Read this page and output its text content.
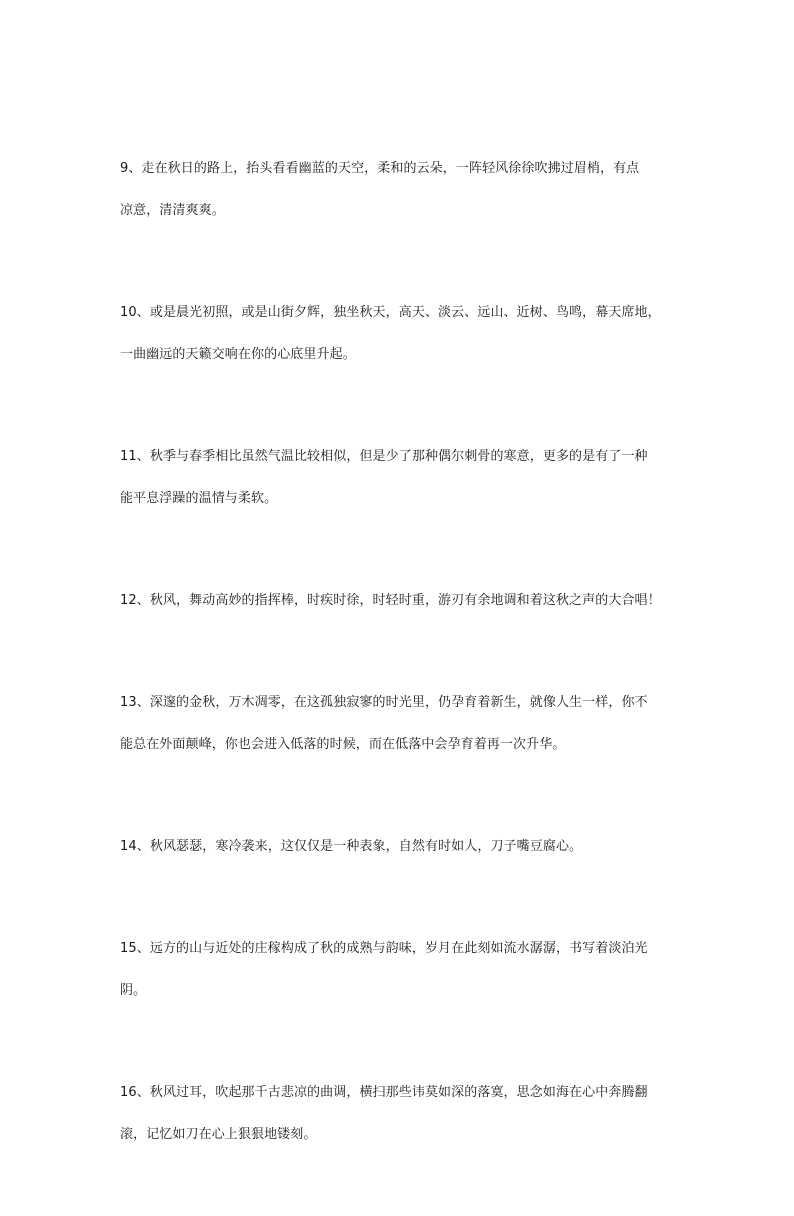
9、走在秋日的路上，抬头看看幽蓝的天空，柔和的云朵，一阵轻风徐徐吹拂过眉梢，有点
凉意，清清爽爽。

10、或是晨光初照，或是山街夕辉，独坐秋天，高天、淡云、远山、近树、鸟鸣，幕天席地，
一曲幽远的天籁交响在你的心底里升起。

11、秋季与春季相比虽然气温比较相似，但是少了那种偶尔刺骨的寒意，更多的是有了一种
能平息浮躁的温情与柔软。

12、秋风，舞动高妙的指挥棒，时疾时徐，时轻时重，游刃有余地调和着这秋之声的大合唱！

13、深邃的金秋，万木凋零，在这孤独寂寥的时光里，仍孕育着新生，就像人生一样，你不
能总在外面颠峰，你也会进入低落的时候，而在低落中会孕育着再一次升华。

14、秋风瑟瑟，寒冷袭来，这仅仅是一种表象，自然有时如人，刀子嘴豆腐心。

15、远方的山与近处的庄稼构成了秋的成熟与韵味，岁月在此刻如流水潺潺，书写着淡泊光
阴。

16、秋风过耳，吹起那千古悲凉的曲调，横扫那些讳莫如深的落寞，思念如海在心中奔腾翻
滚，记忆如刀在心上狠狠地镂刻。
